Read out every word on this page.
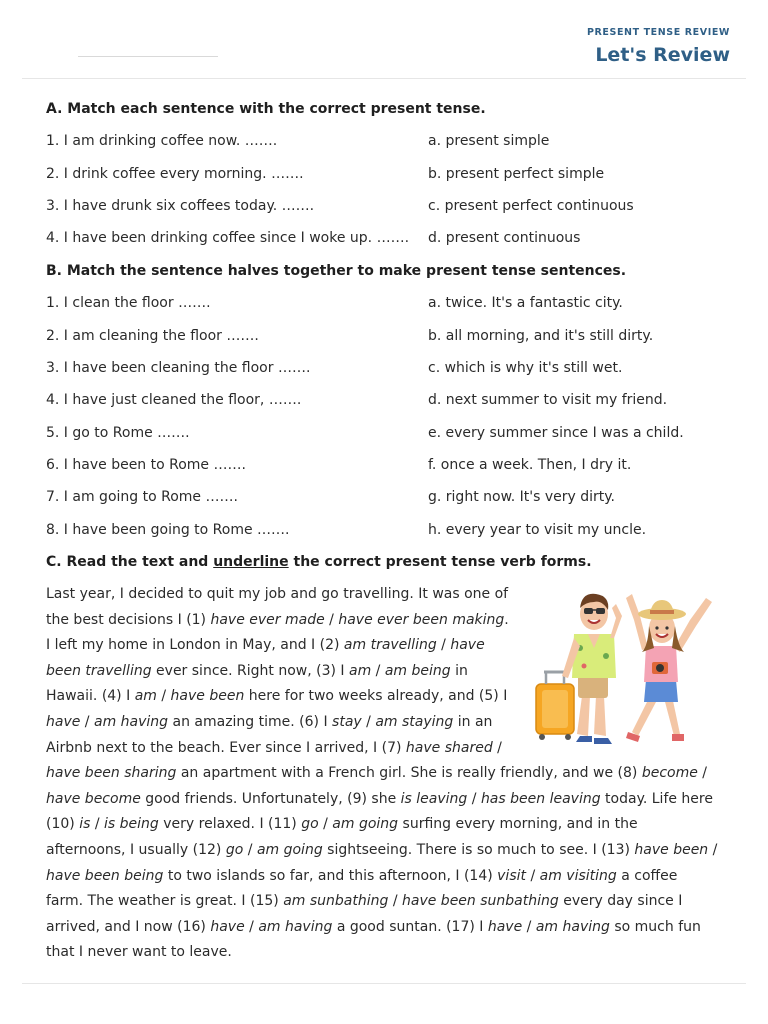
PRESENT TENSE REVIEW
Let's Review
A. Match each sentence with the correct present tense.
1. I am drinking coffee now. …….
2. I drink coffee every morning. …….
3. I have drunk six coffees today. …….
4. I have been drinking coffee since I woke up. …….
a. present simple
b. present perfect simple
c. present perfect continuous
d. present continuous
B. Match the sentence halves together to make present tense sentences.
1. I clean the floor …….
2. I am cleaning the floor …….
3. I have been cleaning the floor …….
4. I have just cleaned the floor, …….
5. I go to Rome …….
6. I have been to Rome …….
7. I am going to Rome …….
8. I have been going to Rome …….
a. twice. It's a fantastic city.
b. all morning, and it's still dirty.
c. which is why it's still wet.
d. next summer to visit my friend.
e. every summer since I was a child.
f. once a week. Then, I dry it.
g. right now. It's very dirty.
h. every year to visit my uncle.
C. Read the text and underline the correct present tense verb forms.
Last year, I decided to quit my job and go travelling. It was one of the best decisions I (1) have ever made / have ever been making. I left my home in London in May, and I (2) am travelling / have been travelling ever since. Right now, (3) I am / am being in Hawaii. (4) I am / have been here for two weeks already, and (5) I have / am having an amazing time. (6) I stay / am staying in an Airbnb next to the beach. Ever since I arrived, I (7) have shared / have been sharing an apartment with a French girl. She is really friendly, and we (8) become / have become good friends. Unfortunately, (9) she is leaving / has been leaving today. Life here (10) is / is being very relaxed. I (11) go / am going surfing every morning, and in the afternoons, I usually (12) go / am going sightseeing. There is so much to see. I (13) have been / have been being to two islands so far, and this afternoon, I (14) visit / am visiting a coffee farm. The weather is great. I (15) am sunbathing / have been sunbathing every day since I arrived, and I now (16) have / am having a good suntan. (17) I have / am having so much fun that I never want to leave.
